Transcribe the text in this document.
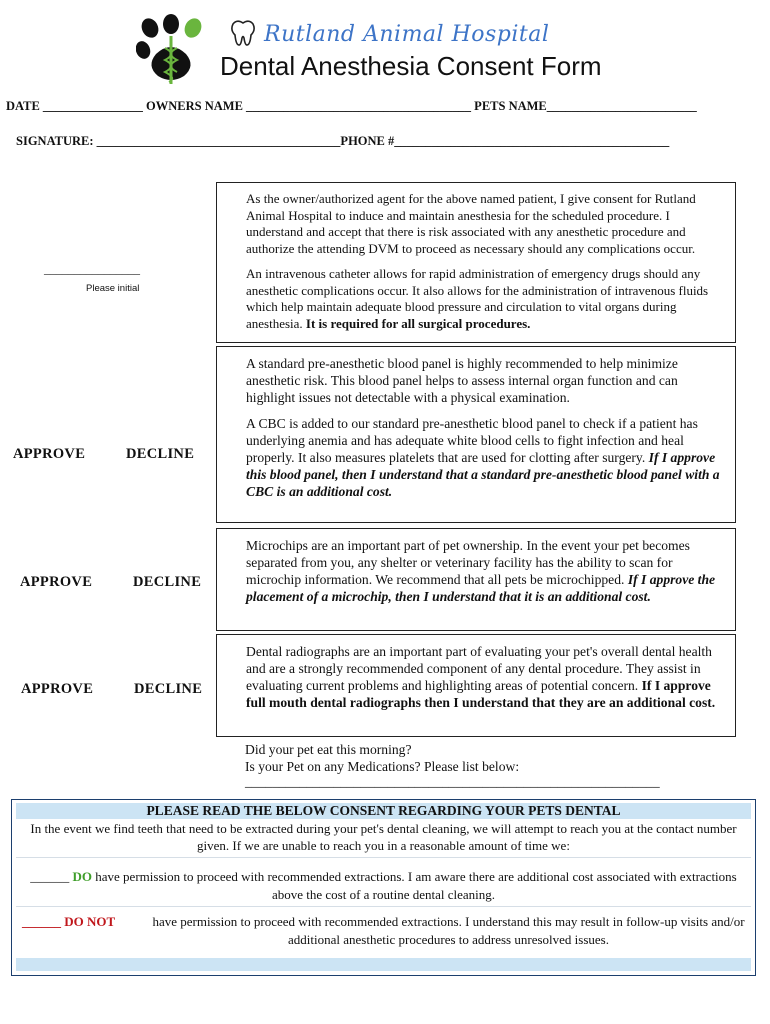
Rutland Animal Hospital
Dental Anesthesia Consent Form
DATE ________________ OWNERS NAME ____________________________________ PETS NAME________________________
SIGNATURE: _______________________________________PHONE #____________________________________________
________________
Please initial

As the owner/authorized agent for the above named patient, I give consent for Rutland Animal Hospital to induce and maintain anesthesia for the scheduled procedure. I understand and accept that there is risk associated with any anesthetic procedure and authorize the attending DVM to proceed as necessary should any complications occur.

An intravenous catheter allows for rapid administration of emergency drugs should any anesthetic complications occur. It also allows for the administration of intravenous fluids which help maintain adequate blood pressure and circulation to vital organs during anesthesia. It is required for all surgical procedures.

A standard pre-anesthetic blood panel is highly recommended to help minimize anesthetic risk. This blood panel helps to assess internal organ function and can highlight issues not detectable with a physical examination.

A CBC is added to our standard pre-anesthetic blood panel to check if a patient has underlying anemia and has adequate white blood cells to fight infection and heal properly. It also measures platelets that are used for clotting after surgery. If I approve this blood panel, then I understand that a standard pre-anesthetic blood panel with a CBC is an additional cost.

APPROVE	DECLINE

Microchips are an important part of pet ownership. In the event your pet becomes separated from you, any shelter or veterinary facility has the ability to scan for microchip information. We recommend that all pets be microchipped. If I approve the placement of a microchip, then I understand that it is an additional cost.

APPROVE	DECLINE

Dental radiographs are an important part of evaluating your pet's overall dental health and are a strongly recommended component of any dental procedure. They assist in evaluating current problems and highlighting areas of potential concern. If I approve full mouth dental radiographs then I understand that they are an additional cost.

APPROVE	DECLINE
Did your pet eat this morning?
Is your Pet on any Medications? Please list below:
_____________________________________________________________
PLEASE READ THE BELOW CONSENT REGARDING YOUR PETS DENTAL
In the event we find teeth that need to be extracted during your pet's dental cleaning, we will attempt to reach you at the contact number given. If we are unable to reach you in a reasonable amount of time we:
______ DO have permission to proceed with recommended extractions. I am aware there are additional cost associated with extractions above the cost of a routine dental cleaning.
______ DO NOT	have permission to proceed with recommended extractions. I understand this may result in follow-up visits and/or additional anesthetic procedures to address unresolved issues.
